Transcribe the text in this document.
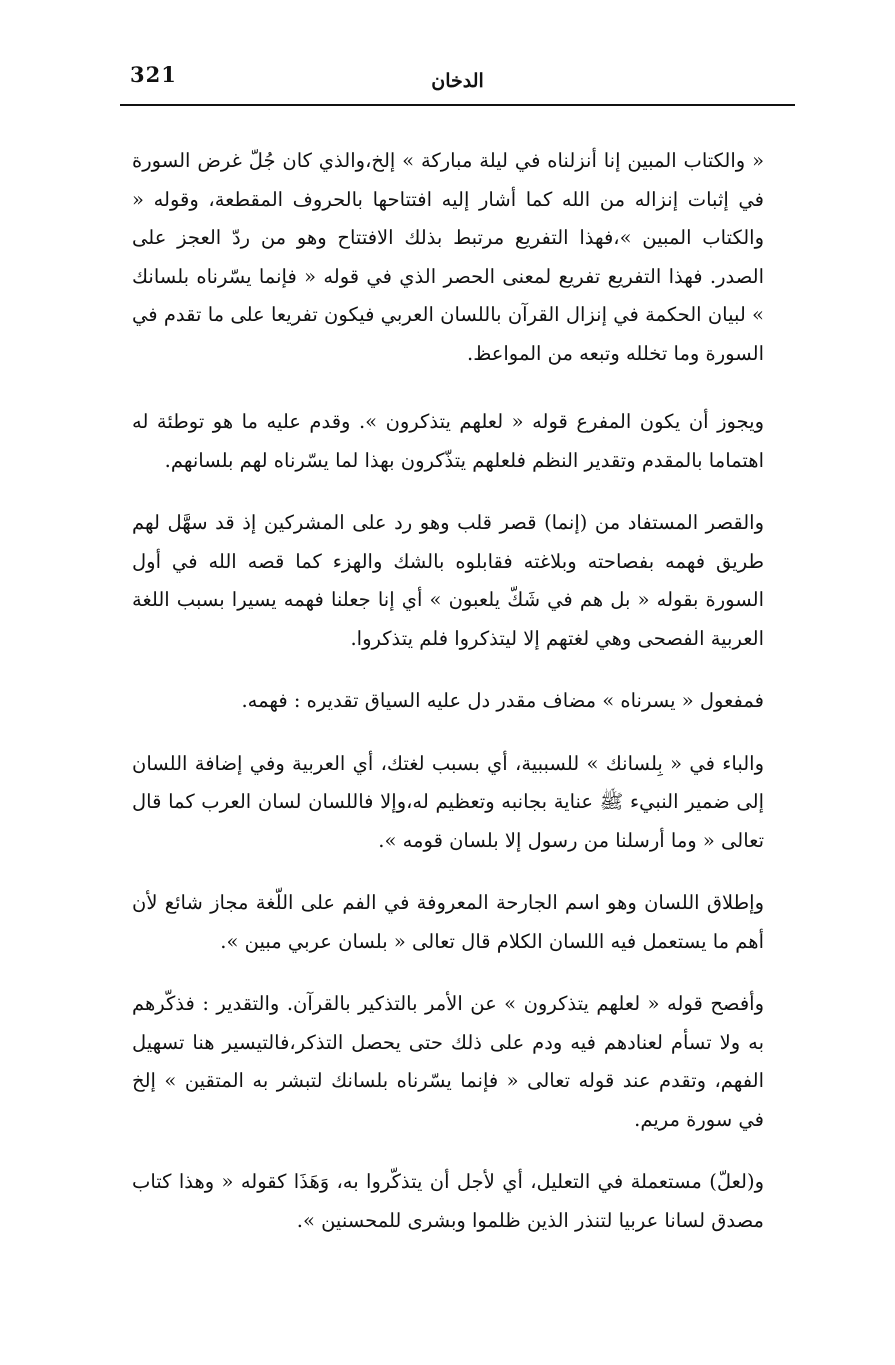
321	الدخان

« والكتاب المبين إنا أنزلناه في ليلة مباركة » إلخ،والذي كان جُلّ غرض السورة في إثبات إنزاله من الله كما أشار إليه افتتاحها بالحروف المقطعة، وقوله « والكتاب المبين »،فهذا التفريع مرتبط بذلك الافتتاح وهو من ردّ العجز على الصدر. فهذا التفريع تفريع لمعنى الحصر الذي في قوله « فإنما يسّرناه بلسانك » لبيان الحكمة في إنزال القرآن باللسان العربي فيكون تفريعا على ما تقدم في السورة وما تخلله وتبعه من المواعظ.

ويجوز أن يكون المفرع قوله « لعلهم يتذكرون ». وقدم عليه ما هو توطئة له اهتماما بالمقدم وتقدير النظم فلعلهم يتذّكرون بهذا لما يسّرناه لهم بلسانهم.

والقصر المستفاد من (إنما) قصر قلب وهو رد على المشركين إذ قد سهَّل لهم طريق فهمه بفصاحته وبلاغته فقابلوه بالشك والهزء كما قصه الله في أول السورة بقوله « بل هم في شَكّ يلعبون » أي إنا جعلنا فهمه يسيرا بسبب اللغة العربية الفصحى وهي لغتهم إلا ليتذكروا فلم يتذكروا.

فمفعول « يسرناه » مضاف مقدر دل عليه السياق تقديره : فهمه.

والباء في « بِلسانك » للسببية، أي بسبب لغتك، أي العربية وفي إضافة اللسان إلى ضمير النبيء ﷺ عناية بجانبه وتعظيم له،وإلا فاللسان لسان العرب كما قال تعالى « وما أرسلنا من رسول إلا بلسان قومه ».

وإطلاق اللسان وهو اسم الجارحة المعروفة في الفم على اللّغة مجاز شائع لأن أهم ما يستعمل فيه اللسان الكلام قال تعالى « بلسان عربي مبين ».

وأفصح قوله « لعلهم يتذكرون » عن الأمر بالتذكير بالقرآن. والتقدير : فذكّرهم به ولا تسأم لعنادهم فيه ودم على ذلك حتى يحصل التذكر،فالتيسير هنا تسهيل الفهم، وتقدم عند قوله تعالى « فإنما يسّرناه بلسانك لتبشر به المتقين » إلخ في سورة مريم.

و(لعلّ) مستعملة في التعليل، أي لأجل أن يتذكّروا به، وَهَذَا كقوله « وهذا كتاب مصدق لسانا عربيا لتنذر الذين ظلموا وبشرى للمحسنين ».
